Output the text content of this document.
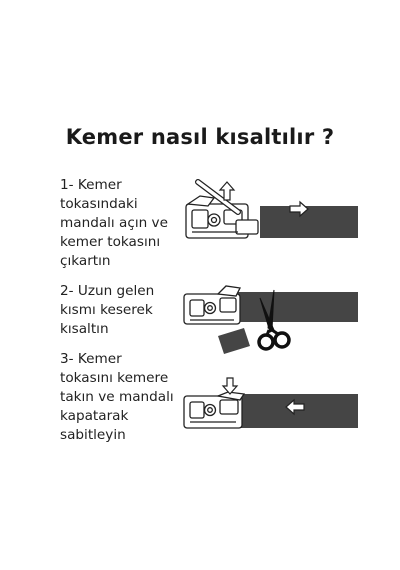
Kemer nasıl kısaltılır ?
1- Kemer
tokasındaki
mandalı açın ve
kemer tokasını
çıkartın
2- Uzun gelen
kısmı keserek
kısaltın
3- Kemer
tokasını kemere
takın ve mandalı
kapatarak
sabitleyin
